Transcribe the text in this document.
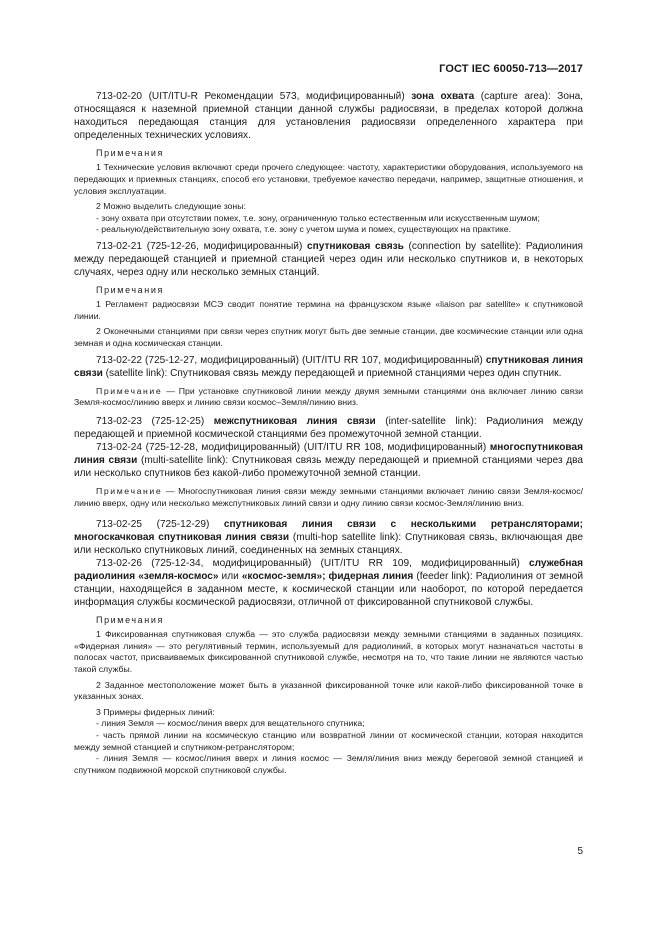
ГОСТ IEC 60050-713—2017

713-02-20 (UIT/ITU-R Рекомендации 573, модифицированный) зона охвата (capture area): Зона, относящаяся к наземной приемной станции данной службы радиосвязи, в пределах которой должна находиться передающая станция для установления радиосвязи определенного характера при определенных технических условиях.

Примечания

1 Технические условия включают среди прочего следующее: частоту, характеристики оборудования, используемого на передающих и приемных станциях, способ его установки, требуемое качество передачи, например, защитные отношения, и условия эксплуатации.

2 Можно выделить следующие зоны:

- зону охвата при отсутствии помех, т.е. зону, ограниченную только естественным или искусственным шумом;

- реальную/действительную зону охвата, т.е. зону с учетом шума и помех, существующих на практике.

713-02-21 (725-12-26, модифицированный) спутниковая связь (connection by satellite): Радиолиния между передающей станцией и приемной станцией через один или несколько спутников и, в некоторых случаях, через одну или несколько земных станций.

Примечания

1 Регламент радиосвязи МСЭ сводит понятие термина на французском языке «liaison par satellite» к спутниковой линии.

2 Оконечными станциями при связи через спутник могут быть две земные станции, две космические станции или одна земная и одна космическая станции.

713-02-22 (725-12-27, модифицированный) (UIT/ITU RR 107, модифицированный) спутниковая линия связи (satellite link): Спутниковая связь между передающей и приемной станциями через один спутник.

Примечание — При установке спутниковой линии между двумя земными станциями она включает линию связи Земля-космос/линию вверх и линию связи космос–Земля/линию вниз.

713-02-23 (725-12-25) межспутниковая линия связи (inter-satellite link): Радиолиния между передающей и приемной космической станциями без промежуточной земной станции.

713-02-24 (725-12-28, модифицированный) (UIT/ITU RR 108, модифицированный) многоспутниковая линия связи (multi-satellite link): Спутниковая связь между передающей и приемной станциями через два или несколько спутников без какой-либо промежуточной земной станции.

Примечание — Многоспутниковая линия связи между земными станциями включает линию связи Земля-космос/линию вверх, одну или несколько межспутниковых линий связи и одну линию связи космос-Земля/линию вниз.

713-02-25 (725-12-29) спутниковая линия связи с несколькими ретрансляторами; многоскачковая спутниковая линия связи (multi-hop satellite link): Спутниковая связь, включающая две или несколько спутниковых линий, соединенных на земных станциях.

713-02-26 (725-12-34, модифицированный) (UIT/ITU RR 109, модифицированный) служебная радиолиния «земля-космос» или «космос-земля»; фидерная линия (feeder link): Радиолиния от земной станции, находящейся в заданном месте, к космической станции или наоборот, по которой передается информация службы космической радиосвязи, отличной от фиксированной спутниковой службы.

Примечания

1 Фиксированная спутниковая служба — это служба радиосвязи между земными станциями в заданных позициях. «Фидерная линия» — это регулятивный термин, используемый для радиолиний, в которых могут назначаться частоты в полосах частот, присваиваемых фиксированной спутниковой службе, несмотря на то, что такие линии не являются частью такой службы.

2 Заданное местоположение может быть в указанной фиксированной точке или какой-либо фиксированной точке в указанных зонах.

3 Примеры фидерных линий:

- линия Земля — космос/линия вверх для вещательного спутника;

- часть прямой линии на космическую станцию или возвратной линии от космической станции, которая находится между земной станцией и спутником-ретранслятором;

- линия Земля — космос/линия вверх и линия космос — Земля/линия вниз между береговой земной станцией и спутником подвижной морской спутниковой службы.

5
